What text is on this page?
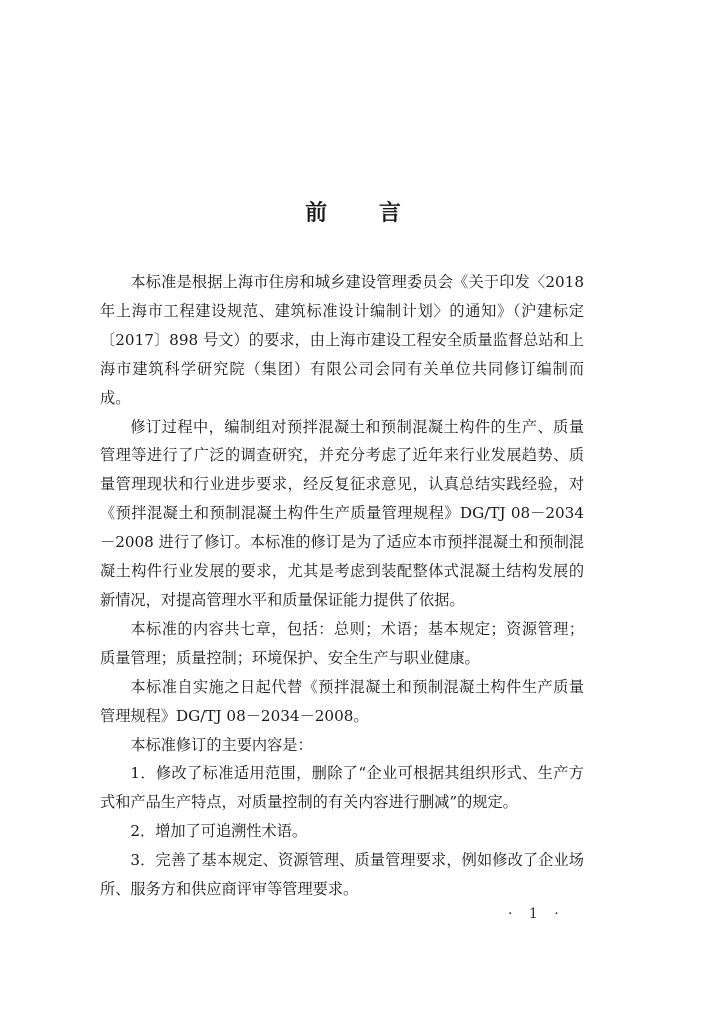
前 言

本标准是根据上海市住房和城乡建设管理委员会《关于印发〈2018 年上海市工程建设规范、建筑标准设计编制计划〉的通知》（沪建标定〔2017〕898 号文）的要求，由上海市建设工程安全质量监督总站和上海市建筑科学研究院（集团）有限公司会同有关单位共同修订编制而成。

修订过程中，编制组对预拌混凝土和预制混凝土构件的生产、质量管理等进行了广泛的调查研究，并充分考虑了近年来行业发展趋势、质量管理现状和行业进步要求，经反复征求意见，认真总结实践经验，对《预拌混凝土和预制混凝土构件生产质量管理规程》DG/TJ 08－2034－2008 进行了修订。本标准的修订是为了适应本市预拌混凝土和预制混凝土构件行业发展的要求，尤其是考虑到装配整体式混凝土结构发展的新情况，对提高管理水平和质量保证能力提供了依据。

本标准的内容共七章，包括：总则；术语；基本规定；资源管理；质量管理；质量控制；环境保护、安全生产与职业健康。

本标准自实施之日起代替《预拌混凝土和预制混凝土构件生产质量管理规程》DG/TJ 08－2034－2008。

本标准修订的主要内容是：

1．修改了标准适用范围，删除了“企业可根据其组织形式、生产方式和产品生产特点，对质量控制的有关内容进行删减”的规定。

2．增加了可追溯性术语。

3．完善了基本规定、资源管理、质量管理要求，例如修改了企业场所、服务方和供应商评审等管理要求。

· 1 ·
